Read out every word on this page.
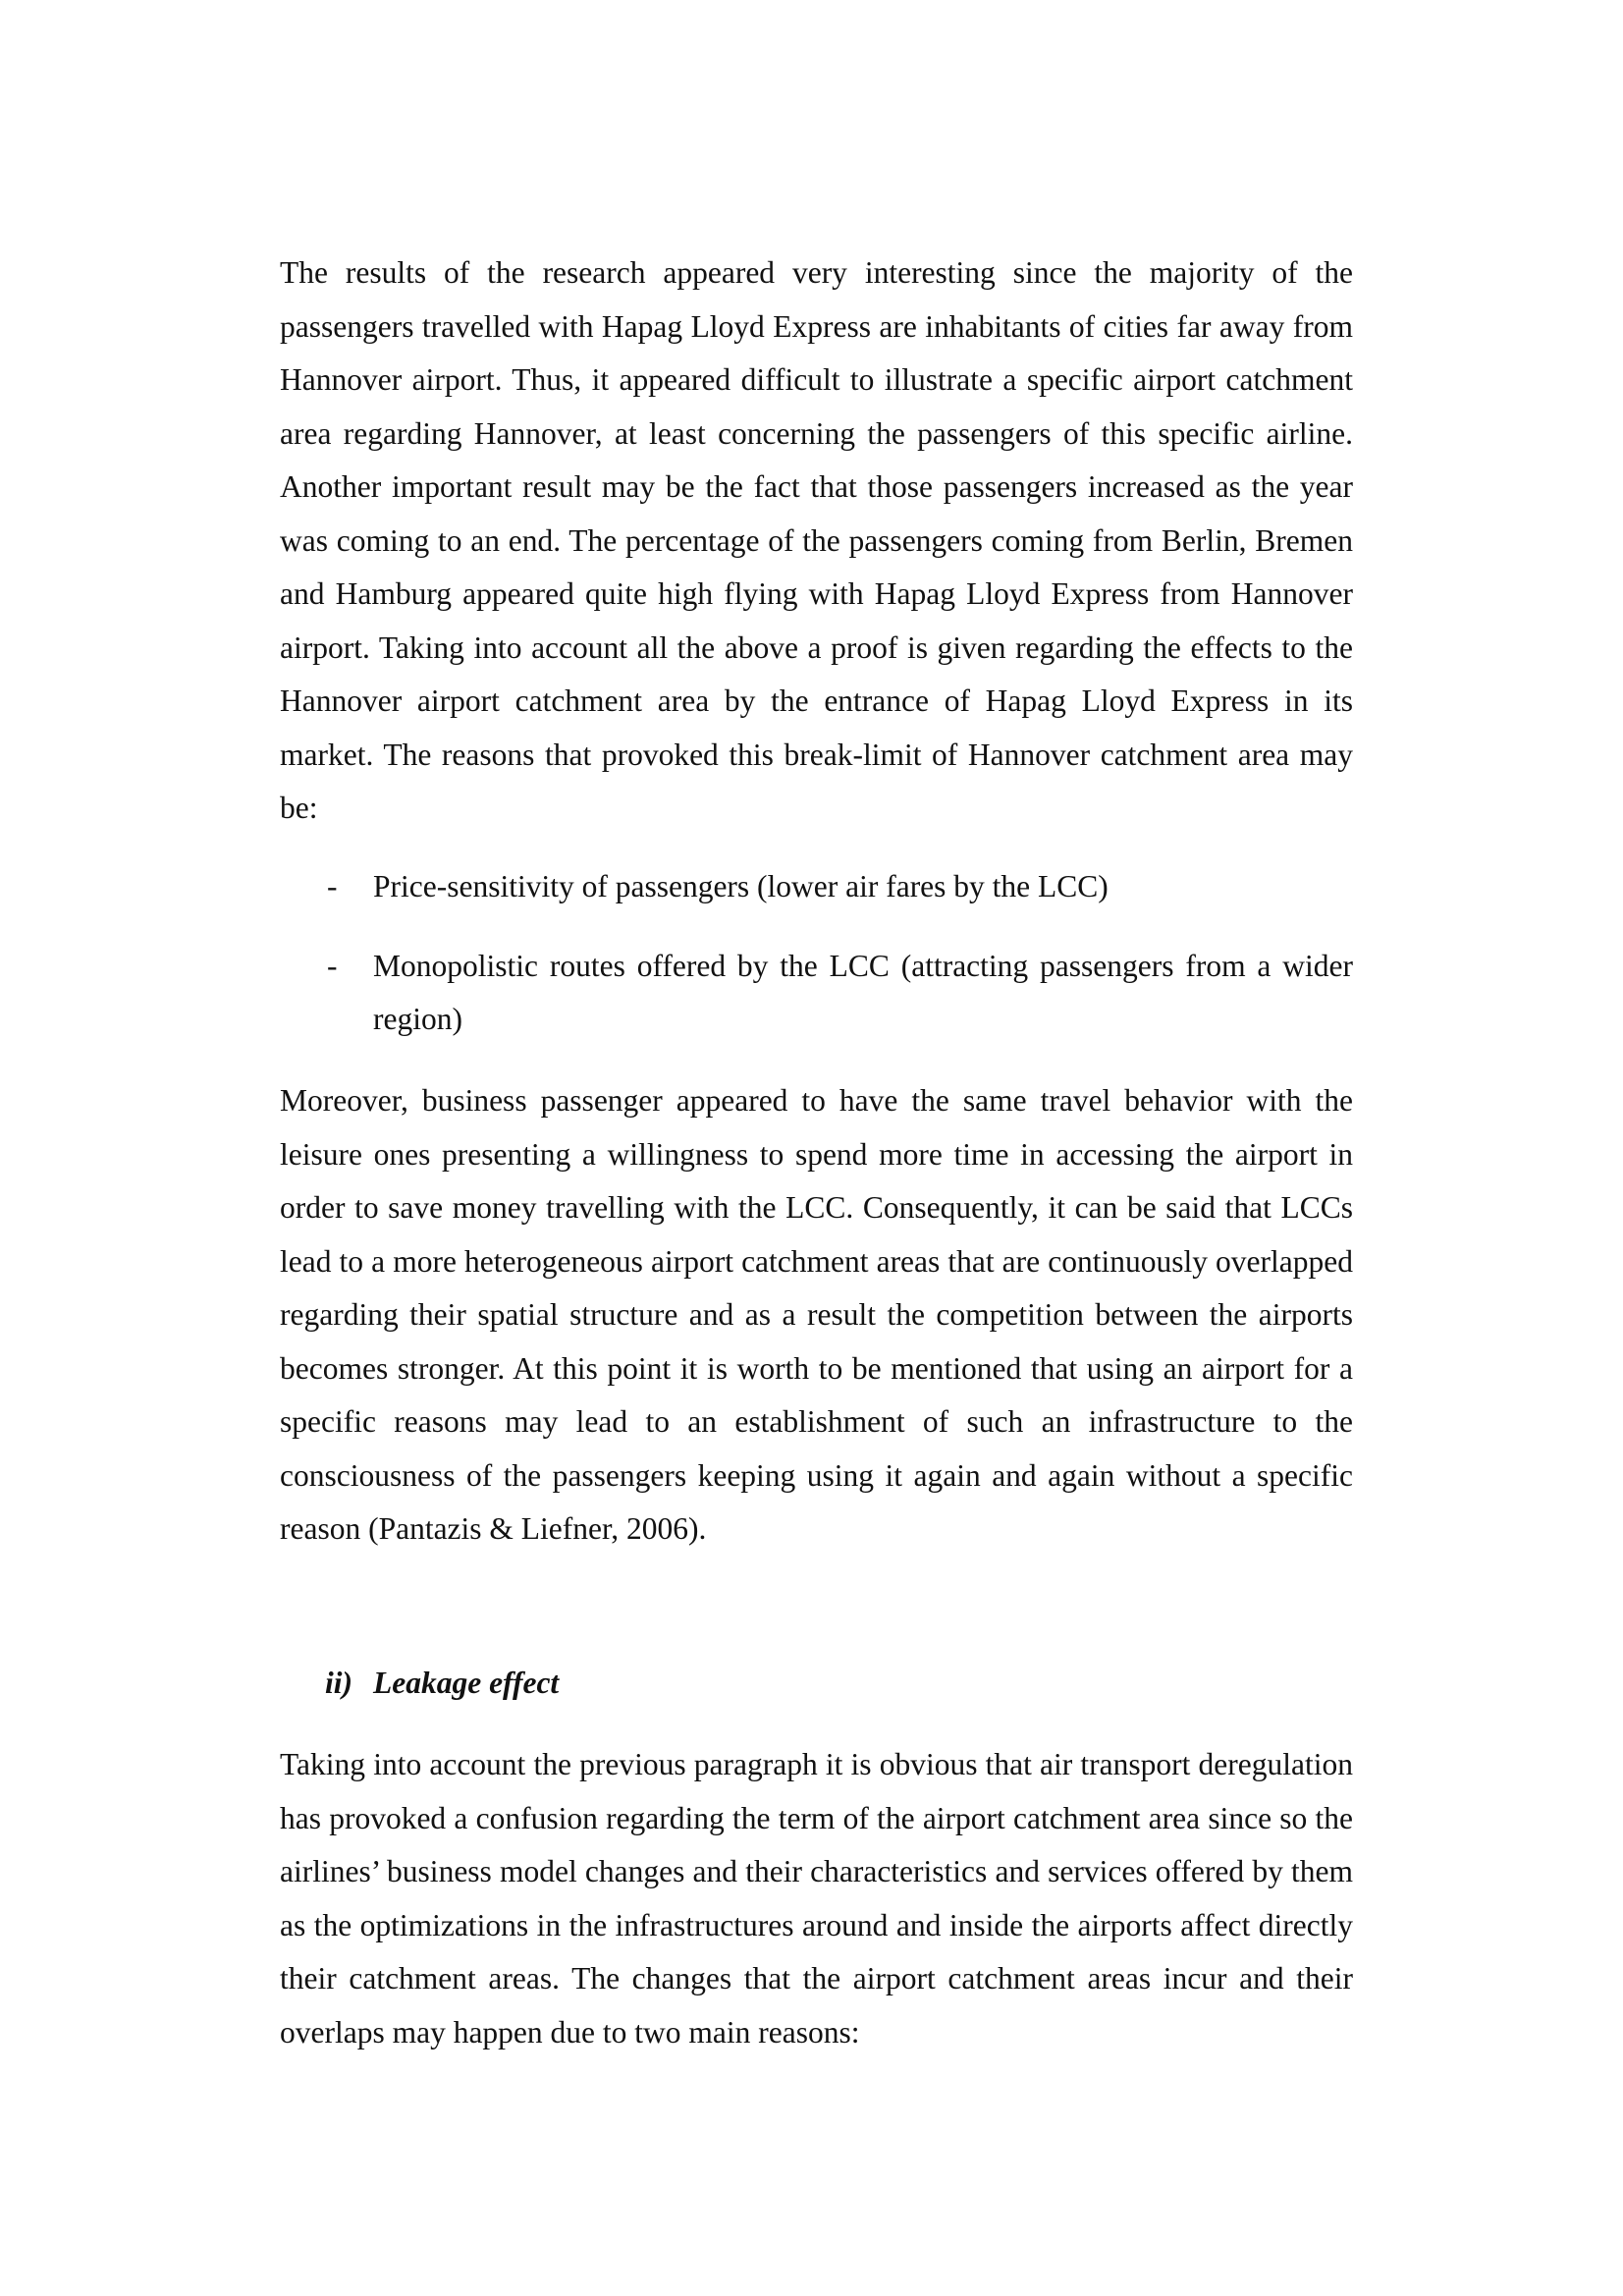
The results of the research appeared very interesting since the majority of the passengers travelled with Hapag Lloyd Express are inhabitants of cities far away from Hannover airport. Thus, it appeared difficult to illustrate a specific airport catchment area regarding Hannover, at least concerning the passengers of this specific airline. Another important result may be the fact that those passengers increased as the year was coming to an end. The percentage of the passengers coming from Berlin, Bremen and Hamburg appeared quite high flying with Hapag Lloyd Express from Hannover airport. Taking into account all the above a proof is given regarding the effects to the Hannover airport catchment area by the entrance of Hapag Lloyd Express in its market. The reasons that provoked this break-limit of Hannover catchment area may be:

- Price-sensitivity of passengers (lower air fares by the LCC)
- Monopolistic routes offered by the LCC (attracting passengers from a wider region)

Moreover, business passenger appeared to have the same travel behavior with the leisure ones presenting a willingness to spend more time in accessing the airport in order to save money travelling with the LCC. Consequently, it can be said that LCCs lead to a more heterogeneous airport catchment areas that are continuously overlapped regarding their spatial structure and as a result the competition between the airports becomes stronger. At this point it is worth to be mentioned that using an airport for a specific reasons may lead to an establishment of such an infrastructure to the consciousness of the passengers keeping using it again and again without a specific reason (Pantazis & Liefner, 2006).

ii) Leakage effect

Taking into account the previous paragraph it is obvious that air transport deregulation has provoked a confusion regarding the term of the airport catchment area since so the airlines’ business model changes and their characteristics and services offered by them as the optimizations in the infrastructures around and inside the airports affect directly their catchment areas. The changes that the airport catchment areas incur and their overlaps may happen due to two main reasons:
